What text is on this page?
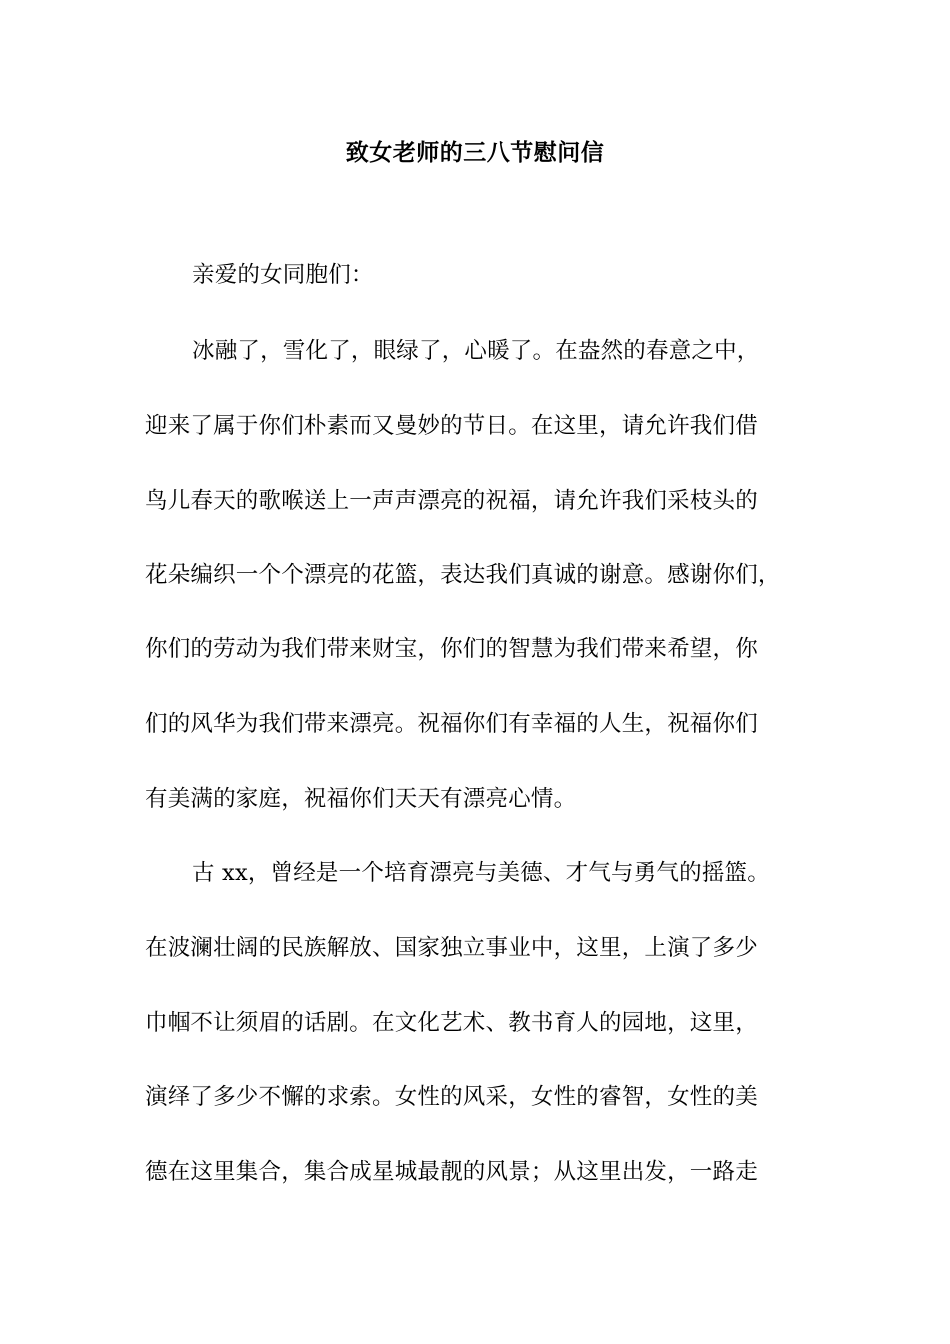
致女老师的三八节慰问信
亲爱的女同胞们：
冰融了，雪化了，眼绿了，心暖了。在盎然的春意之中，
迎来了属于你们朴素而又曼妙的节日。在这里，请允许我们借
鸟儿春天的歌喉送上一声声漂亮的祝福，请允许我们采枝头的
花朵编织一个个漂亮的花篮，表达我们真诚的谢意。感谢你们，
你们的劳动为我们带来财宝，你们的智慧为我们带来希望，你
们的风华为我们带来漂亮。祝福你们有幸福的人生，祝福你们
有美满的家庭，祝福你们天天有漂亮心情。
古 xx，曾经是一个培育漂亮与美德、才气与勇气的摇篮。
在波澜壮阔的民族解放、国家独立事业中，这里，上演了多少
巾帼不让须眉的话剧。在文化艺术、教书育人的园地，这里，
演绎了多少不懈的求索。女性的风采，女性的睿智，女性的美
德在这里集合，集合成星城最靓的风景；从这里出发，一路走
